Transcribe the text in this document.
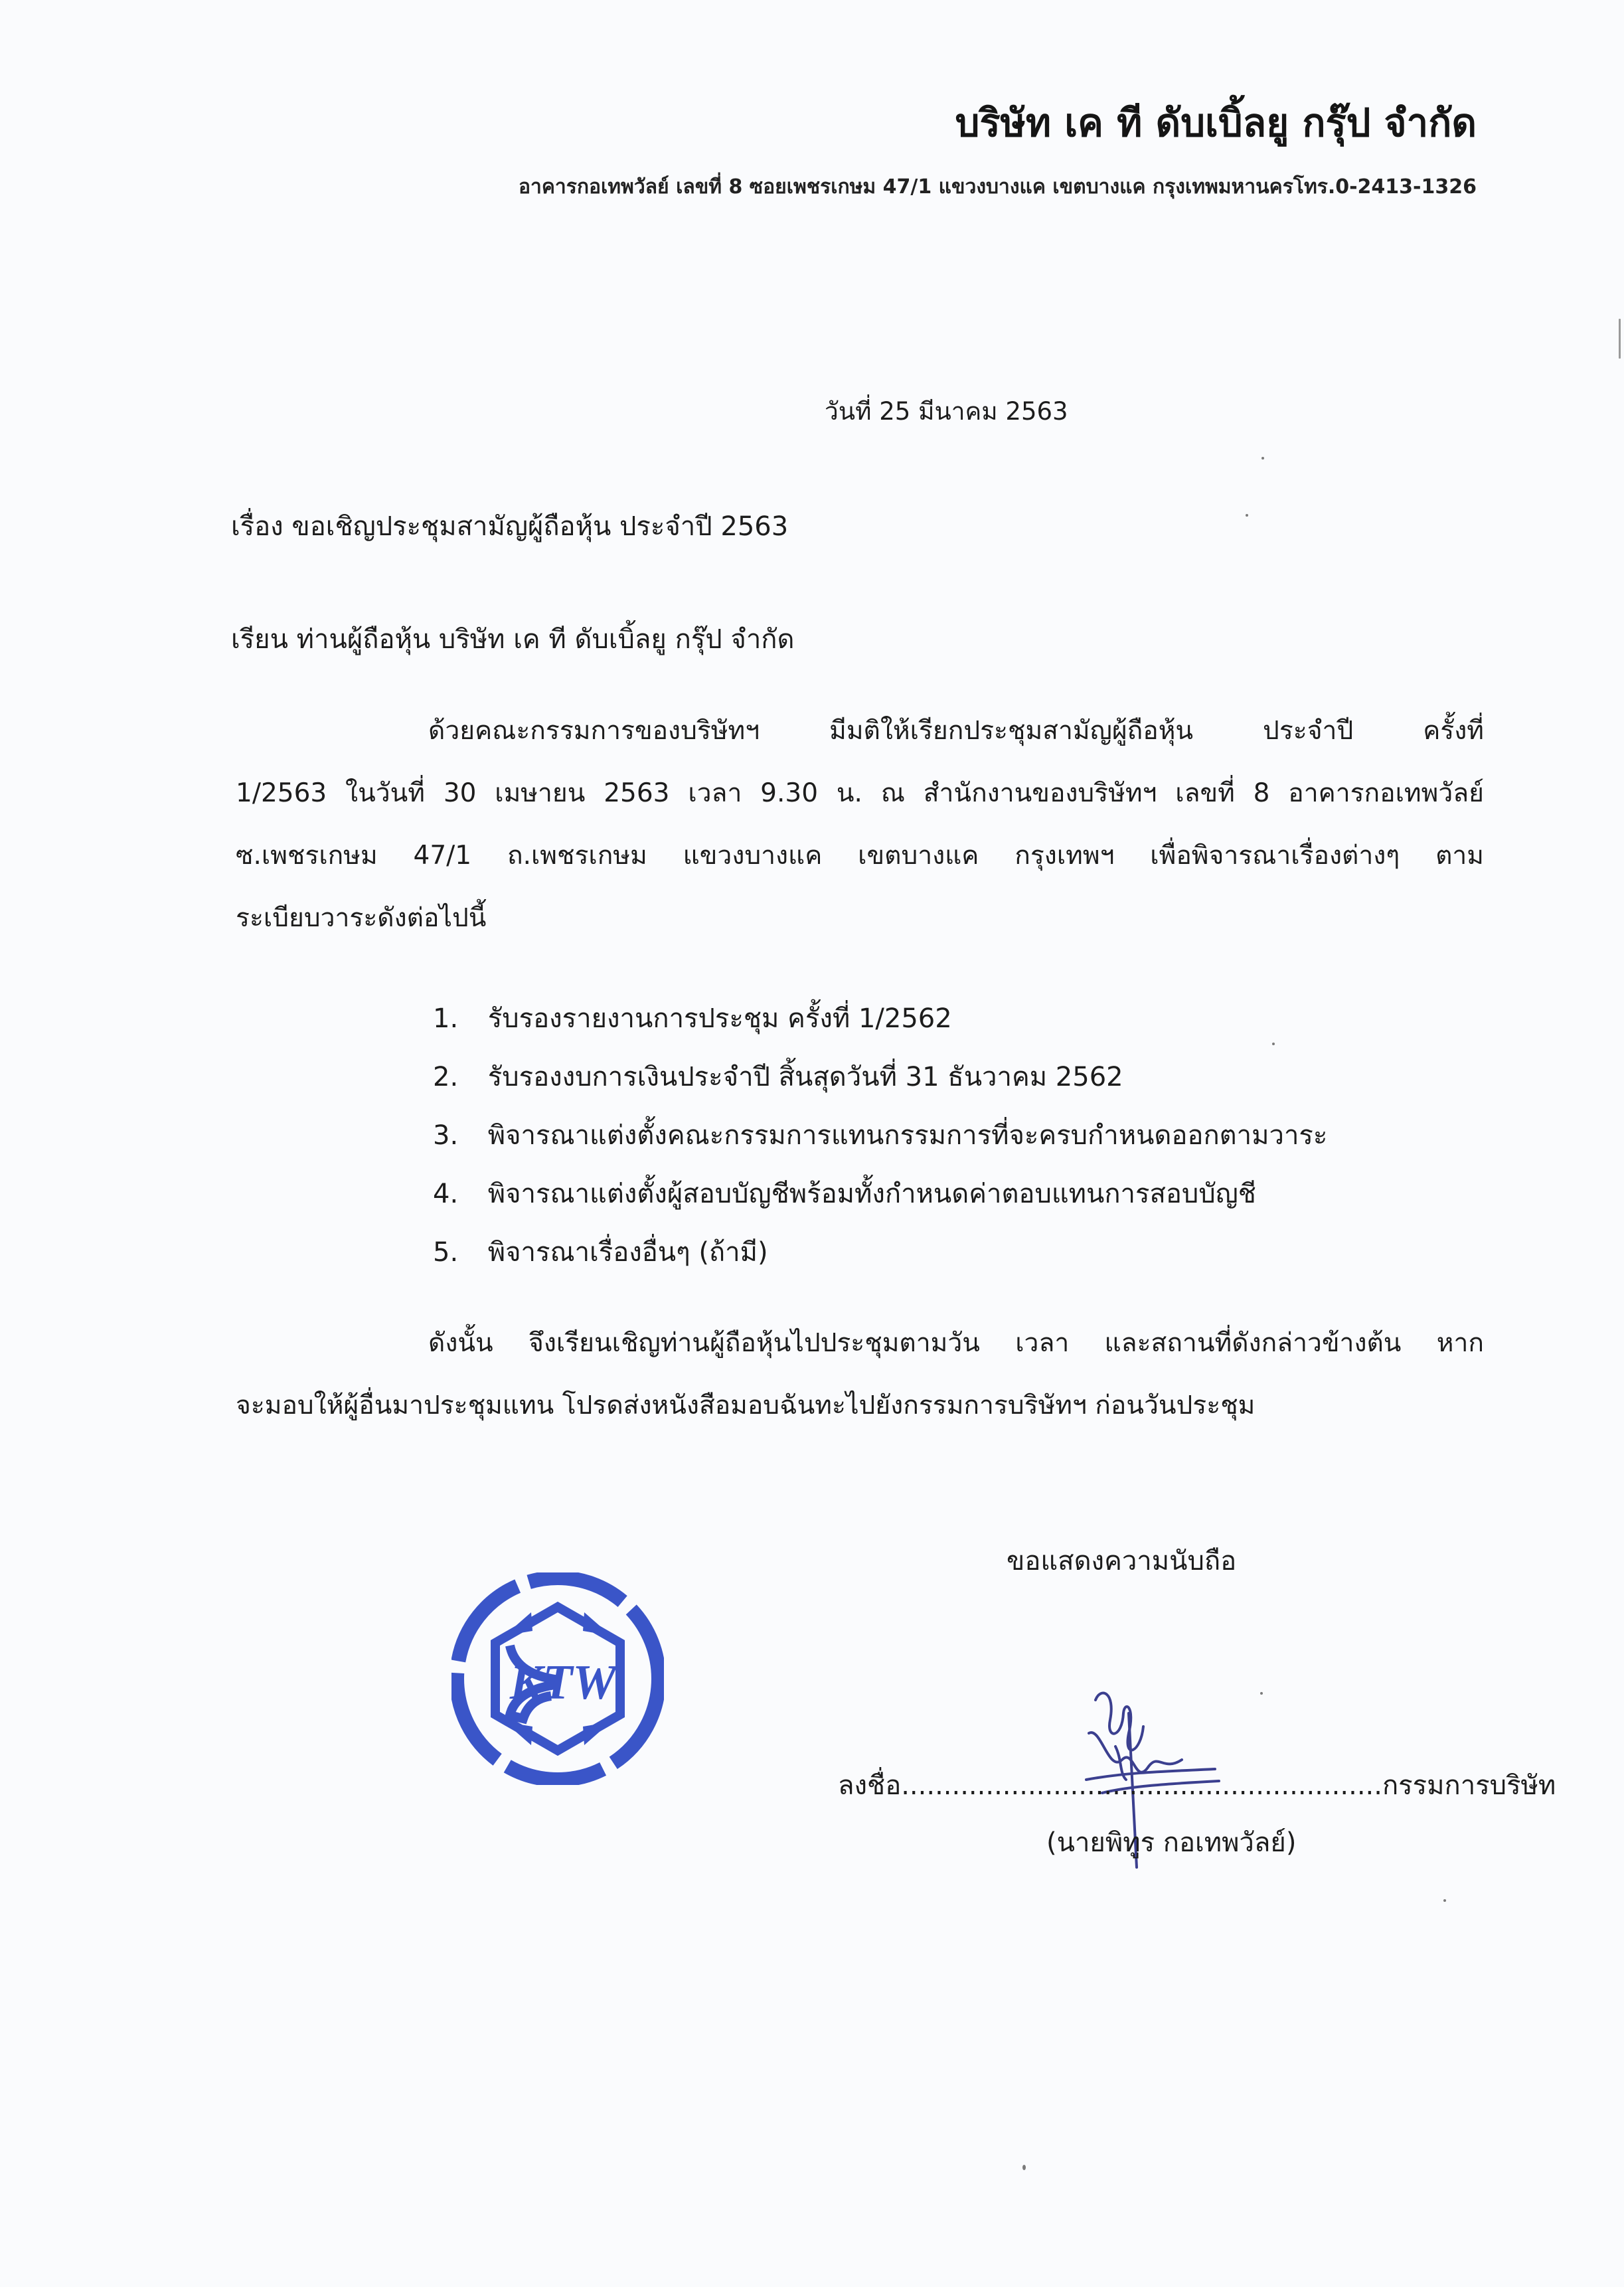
บริษัท เค ที ดับเบิ้ลยู กรุ๊ป จำกัด
อาคารกอเทพวัลย์ เลขที่ 8 ซอยเพชรเกษม 47/1 แขวงบางแค เขตบางแค กรุงเทพมหานครโทร.0-2413-1326
วันที่ 25 มีนาคม 2563
เรื่อง ขอเชิญประชุมสามัญผู้ถือหุ้น ประจำปี 2563
เรียน ท่านผู้ถือหุ้น บริษัท เค ที ดับเบิ้ลยู กรุ๊ป จำกัด
ด้วยคณะกรรมการของบริษัทฯ มีมติให้เรียกประชุมสามัญผู้ถือหุ้น ประจำปี ครั้งที่
1/2563 ในวันที่ 30 เมษายน 2563 เวลา 9.30 น. ณ สำนักงานของบริษัทฯ เลขที่ 8 อาคารกอเทพวัลย์
ซ.เพชรเกษม 47/1 ถ.เพชรเกษม แขวงบางแค เขตบางแค กรุงเทพฯ เพื่อพิจารณาเรื่องต่างๆ ตาม
ระเบียบวาระดังต่อไปนี้
1. รับรองรายงานการประชุม ครั้งที่ 1/2562
2. รับรองงบการเงินประจำปี สิ้นสุดวันที่ 31 ธันวาคม 2562
3. พิจารณาแต่งตั้งคณะกรรมการแทนกรรมการที่จะครบกำหนดออกตามวาระ
4. พิจารณาแต่งตั้งผู้สอบบัญชีพร้อมทั้งกำหนดค่าตอบแทนการสอบบัญชี
5. พิจารณาเรื่องอื่นๆ (ถ้ามี)
ดังนั้น จึงเรียนเชิญท่านผู้ถือหุ้นไปประชุมตามวัน เวลา และสถานที่ดังกล่าวข้างต้น หาก
จะมอบให้ผู้อื่นมาประชุมแทน โปรดส่งหนังสือมอบฉันทะไปยังกรรมการบริษัทฯ ก่อนวันประชุม
ขอแสดงความนับถือ
KTW
ลงชื่อ.........................................................กรรมการบริษัท
(นายพิทูร กอเทพวัลย์)
